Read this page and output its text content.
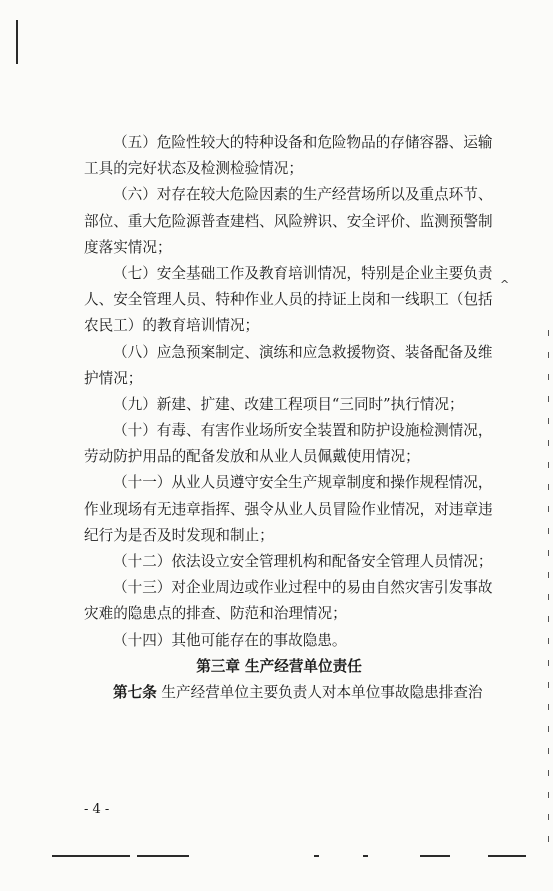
^
（五）危险性较大的特种设备和危险物品的存储容器、运输
工具的完好状态及检测检验情况；
（六）对存在较大危险因素的生产经营场所以及重点环节、
部位、重大危险源普查建档、风险辨识、安全评价、监测预警制
度落实情况；
（七）安全基础工作及教育培训情况，特别是企业主要负责
人、安全管理人员、特种作业人员的持证上岗和一线职工（包括
农民工）的教育培训情况；
（八）应急预案制定、演练和应急救援物资、装备配备及维
护情况；
（九）新建、扩建、改建工程项目“三同时”执行情况；
（十）有毒、有害作业场所安全装置和防护设施检测情况，
劳动防护用品的配备发放和从业人员佩戴使用情况；
（十一）从业人员遵守安全生产规章制度和操作规程情况，
作业现场有无违章指挥、强令从业人员冒险作业情况，对违章违
纪行为是否及时发现和制止；
（十二）依法设立安全管理机构和配备安全管理人员情况；
（十三）对企业周边或作业过程中的易由自然灾害引发事故
灾难的隐患点的排查、防范和治理情况；
（十四）其他可能存在的事故隐患。
第三章 生产经营单位责任
第七条 生产经营单位主要负责人对本单位事故隐患排查治
- 4 -
